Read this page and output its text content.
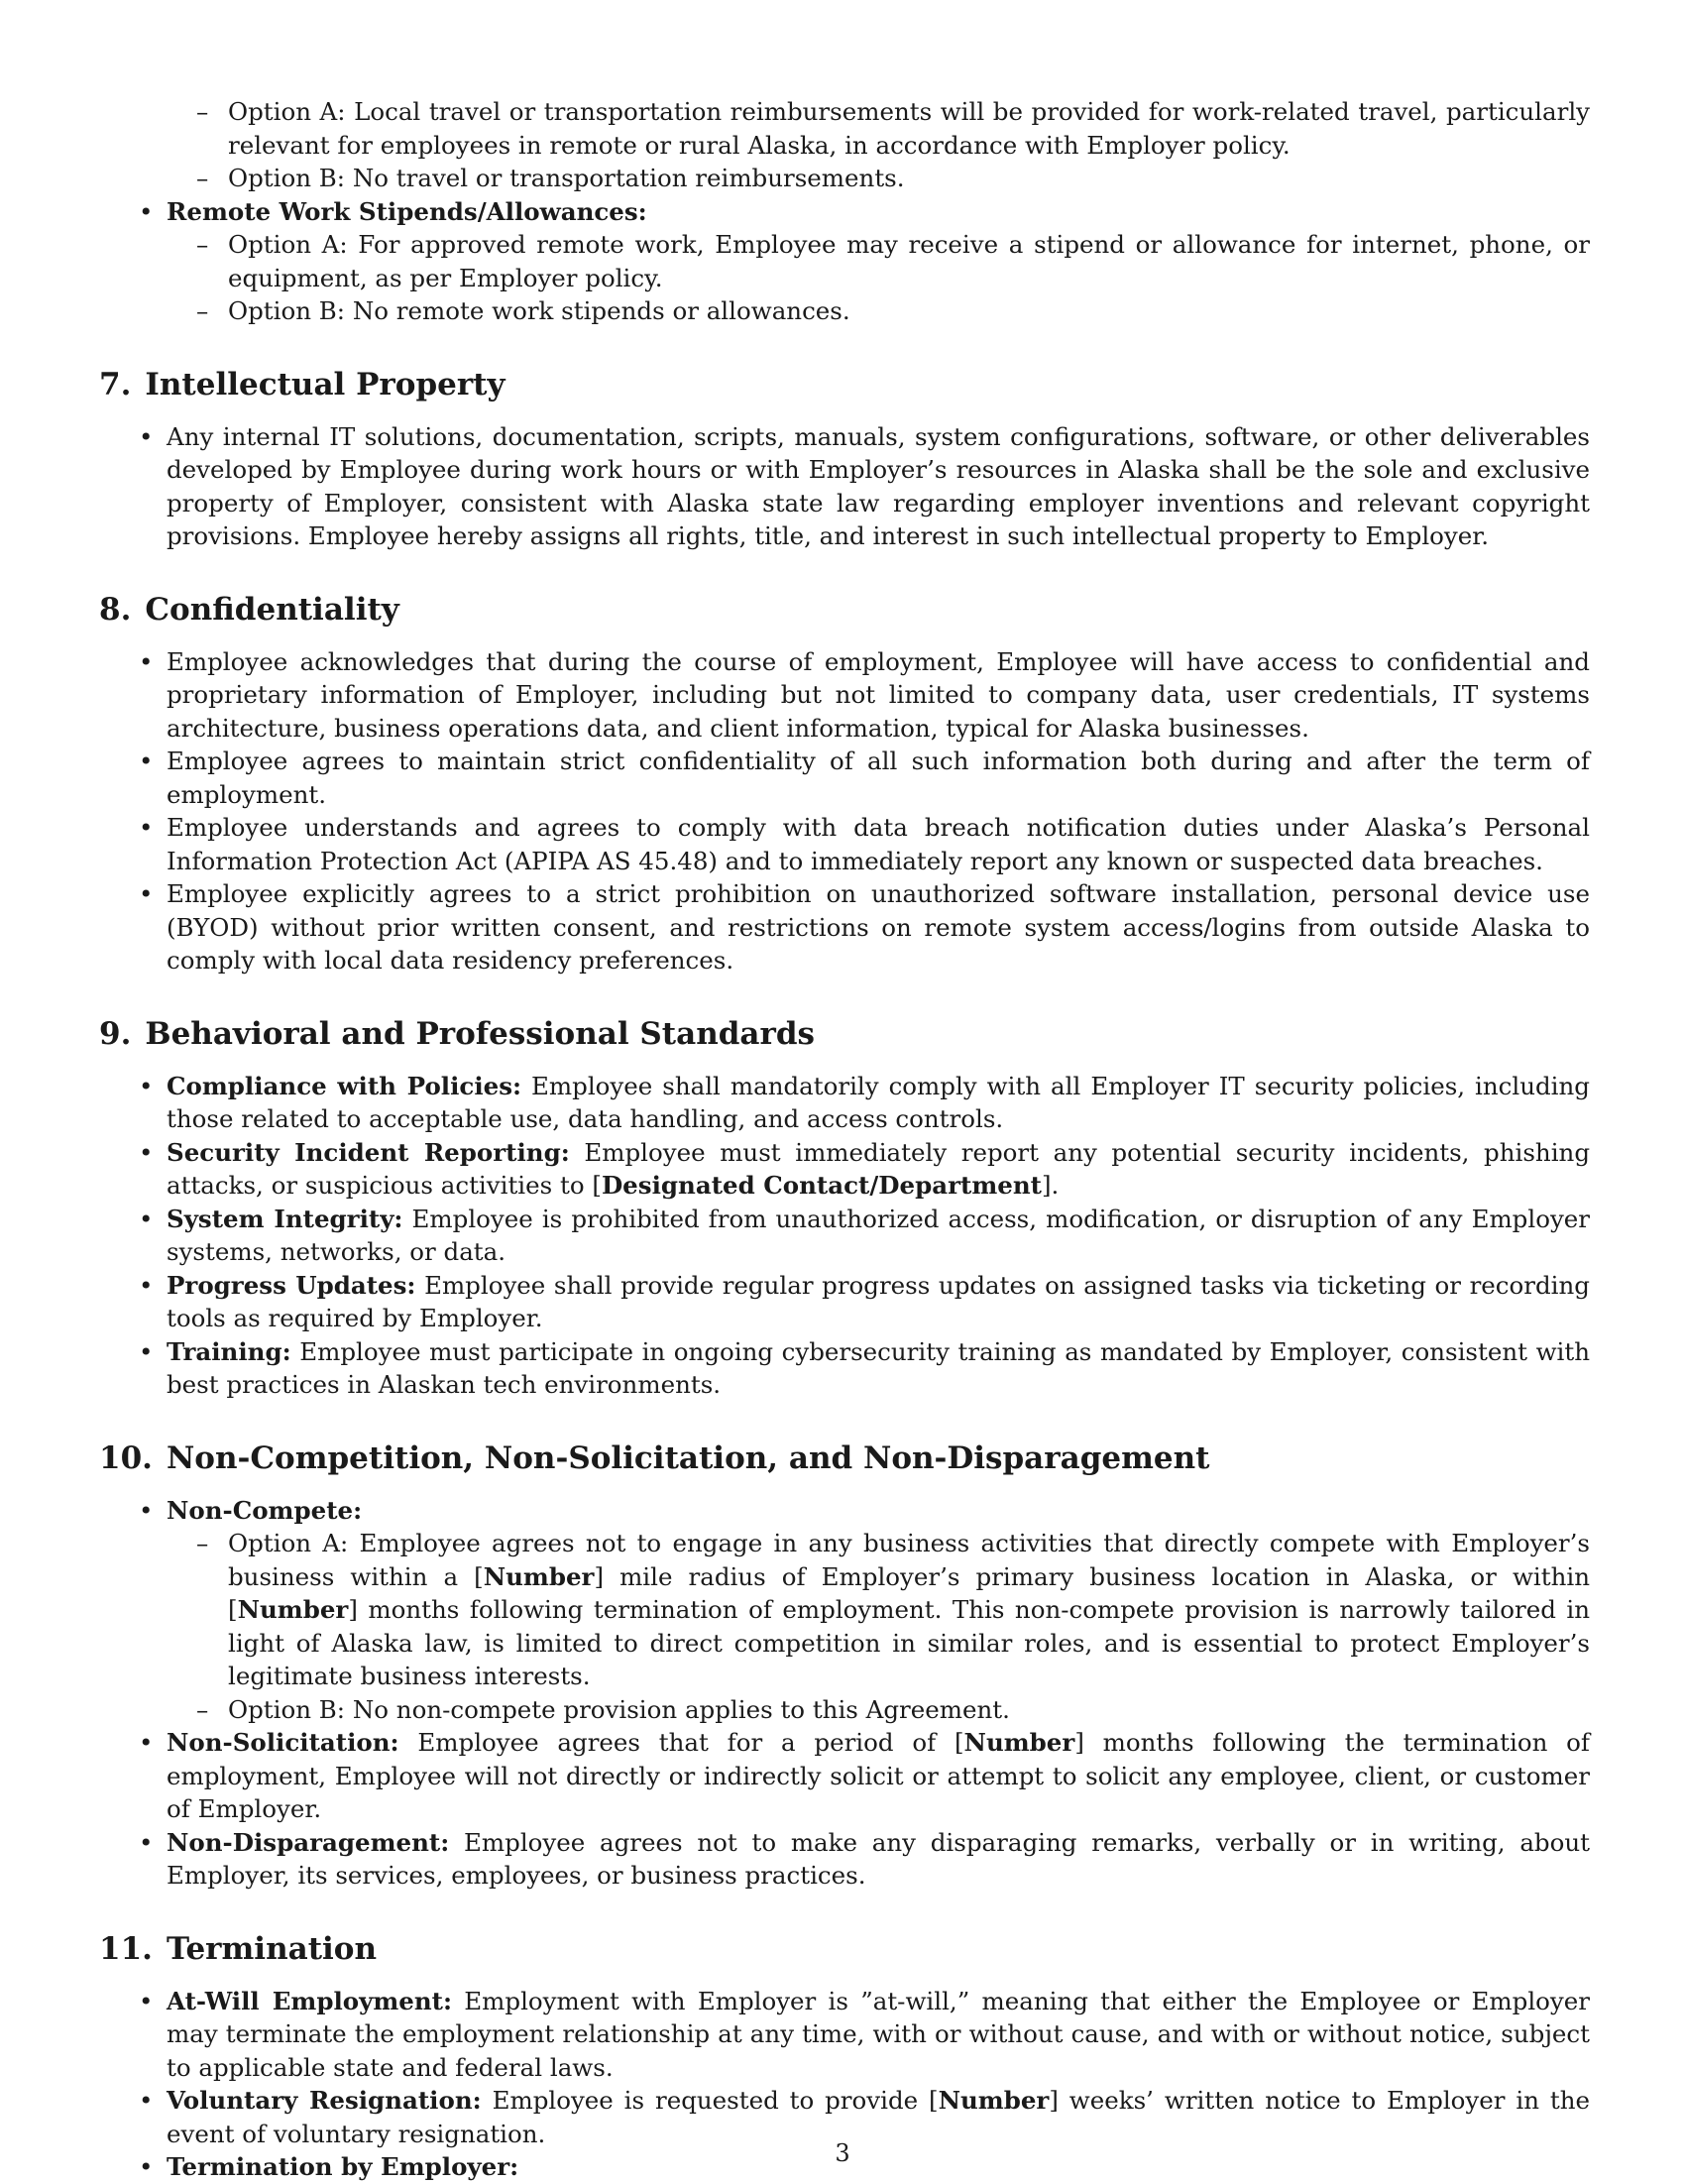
– Option A: Local travel or transportation reimbursements will be provided for work-related travel, particularly relevant for employees in remote or rural Alaska, in accordance with Employer policy.
– Option B: No travel or transportation reimbursements.
• Remote Work Stipends/Allowances:
– Option A: For approved remote work, Employee may receive a stipend or allowance for internet, phone, or equipment, as per Employer policy.
– Option B: No remote work stipends or allowances.
7. Intellectual Property
• Any internal IT solutions, documentation, scripts, manuals, system configurations, software, or other deliverables developed by Employee during work hours or with Employer’s resources in Alaska shall be the sole and exclusive property of Employer, consistent with Alaska state law regarding employer inventions and relevant copyright provisions. Employee hereby assigns all rights, title, and interest in such intellectual property to Employer.
8. Confidentiality
• Employee acknowledges that during the course of employment, Employee will have access to confidential and proprietary information of Employer, including but not limited to company data, user credentials, IT systems architecture, business operations data, and client information, typical for Alaska businesses.
• Employee agrees to maintain strict confidentiality of all such information both during and after the term of employment.
• Employee understands and agrees to comply with data breach notification duties under Alaska’s Personal Information Protection Act (APIPA AS 45.48) and to immediately report any known or suspected data breaches.
• Employee explicitly agrees to a strict prohibition on unauthorized software installation, personal device use (BYOD) without prior written consent, and restrictions on remote system access/logins from outside Alaska to comply with local data residency preferences.
9. Behavioral and Professional Standards
• Compliance with Policies: Employee shall mandatorily comply with all Employer IT security policies, including those related to acceptable use, data handling, and access controls.
• Security Incident Reporting: Employee must immediately report any potential security incidents, phishing attacks, or suspicious activities to [Designated Contact/Department].
• System Integrity: Employee is prohibited from unauthorized access, modification, or disruption of any Employer systems, networks, or data.
• Progress Updates: Employee shall provide regular progress updates on assigned tasks via ticketing or recording tools as required by Employer.
• Training: Employee must participate in ongoing cybersecurity training as mandated by Employer, consistent with best practices in Alaskan tech environments.
10. Non-Competition, Non-Solicitation, and Non-Disparagement
• Non-Compete:
– Option A: Employee agrees not to engage in any business activities that directly compete with Employer’s business within a [Number] mile radius of Employer’s primary business location in Alaska, or within [Number] months following termination of employment. This non-compete provision is narrowly tailored in light of Alaska law, is limited to direct competition in similar roles, and is essential to protect Employer’s legitimate business interests.
– Option B: No non-compete provision applies to this Agreement.
• Non-Solicitation: Employee agrees that for a period of [Number] months following the termination of employment, Employee will not directly or indirectly solicit or attempt to solicit any employee, client, or customer of Employer.
• Non-Disparagement: Employee agrees not to make any disparaging remarks, verbally or in writing, about Employer, its services, employees, or business practices.
11. Termination
• At-Will Employment: Employment with Employer is ”at-will,” meaning that either the Employee or Employer may terminate the employment relationship at any time, with or without cause, and with or without notice, subject to applicable state and federal laws.
• Voluntary Resignation: Employee is requested to provide [Number] weeks’ written notice to Employer in the event of voluntary resignation.
• Termination by Employer:	3
